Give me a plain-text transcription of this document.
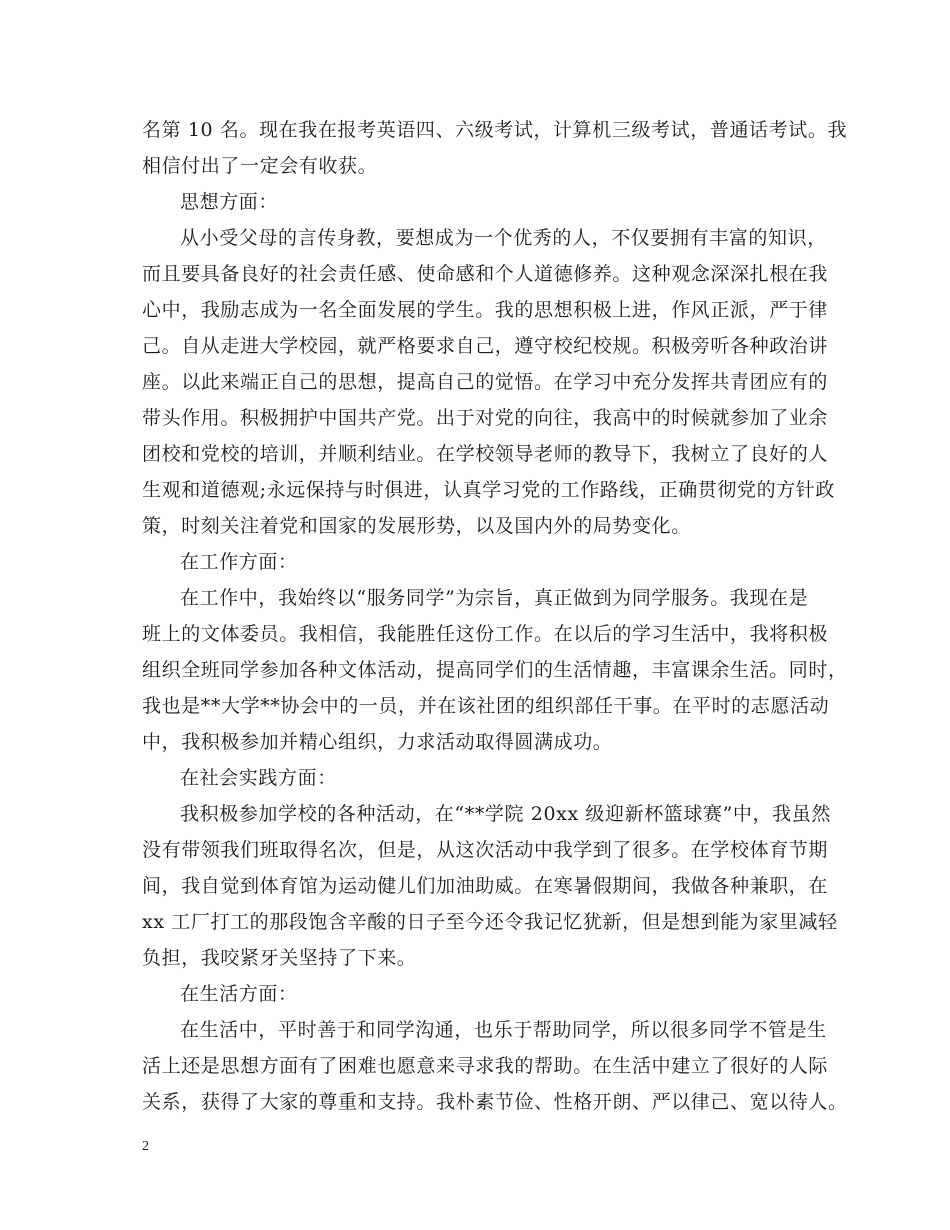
名第 10 名。现在我在报考英语四、六级考试，计算机三级考试，普通话考试。我
相信付出了一定会有收获。
思想方面：
从小受父母的言传身教，要想成为一个优秀的人，不仅要拥有丰富的知识，
而且要具备良好的社会责任感、使命感和个人道德修养。这种观念深深扎根在我
心中，我励志成为一名全面发展的学生。我的思想积极上进，作风正派，严于律
己。自从走进大学校园，就严格要求自己，遵守校纪校规。积极旁听各种政治讲
座。以此来端正自己的思想，提高自己的觉悟。在学习中充分发挥共青团应有的
带头作用。积极拥护中国共产党。出于对党的向往，我高中的时候就参加了业余
团校和党校的培训，并顺利结业。在学校领导老师的教导下，我树立了良好的人
生观和道德观;永远保持与时俱进，认真学习党的工作路线，正确贯彻党的方针政
策，时刻关注着党和国家的发展形势，以及国内外的局势变化。
在工作方面：
在工作中，我始终以“服务同学”为宗旨，真正做到为同学服务。我现在是
班上的文体委员。我相信，我能胜任这份工作。在以后的学习生活中，我将积极
组织全班同学参加各种文体活动，提高同学们的生活情趣，丰富课余生活。同时，
我也是**大学**协会中的一员，并在该社团的组织部任干事。在平时的志愿活动
中，我积极参加并精心组织，力求活动取得圆满成功。
在社会实践方面：
我积极参加学校的各种活动，在“**学院 20xx 级迎新杯篮球赛”中，我虽然
没有带领我们班取得名次，但是，从这次活动中我学到了很多。在学校体育节期
间，我自觉到体育馆为运动健儿们加油助威。在寒暑假期间，我做各种兼职，在
xx 工厂打工的那段饱含辛酸的日子至今还令我记忆犹新，但是想到能为家里减轻
负担，我咬紧牙关坚持了下来。
在生活方面：
在生活中，平时善于和同学沟通，也乐于帮助同学，所以很多同学不管是生
活上还是思想方面有了困难也愿意来寻求我的帮助。在生活中建立了很好的人际
关系，获得了大家的尊重和支持。我朴素节俭、性格开朗、严以律己、宽以待人。
2
